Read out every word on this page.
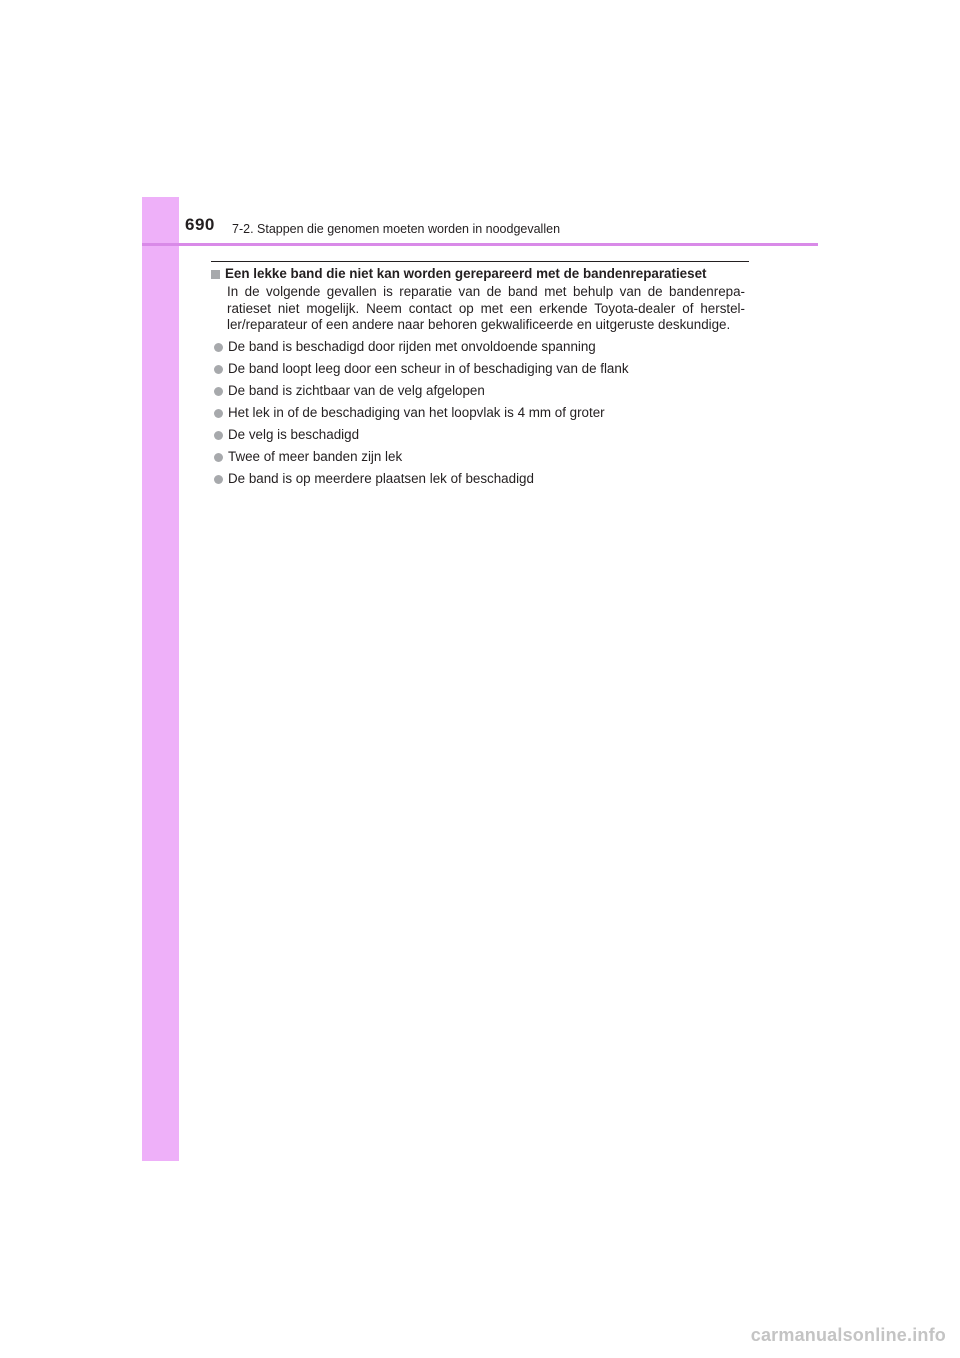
690 7-2. Stappen die genomen moeten worden in noodgevallen
Een lekke band die niet kan worden gerepareerd met de bandenreparatieset
In de volgende gevallen is reparatie van de band met behulp van de bandenrepa-ratieset niet mogelijk. Neem contact op met een erkende Toyota-dealer of herstel-ler/reparateur of een andere naar behoren gekwalificeerde en uitgeruste deskundige.
De band is beschadigd door rijden met onvoldoende spanning
De band loopt leeg door een scheur in of beschadiging van de flank
De band is zichtbaar van de velg afgelopen
Het lek in of de beschadiging van het loopvlak is 4 mm of groter
De velg is beschadigd
Twee of meer banden zijn lek
De band is op meerdere plaatsen lek of beschadigd
carmanualsonline.info
